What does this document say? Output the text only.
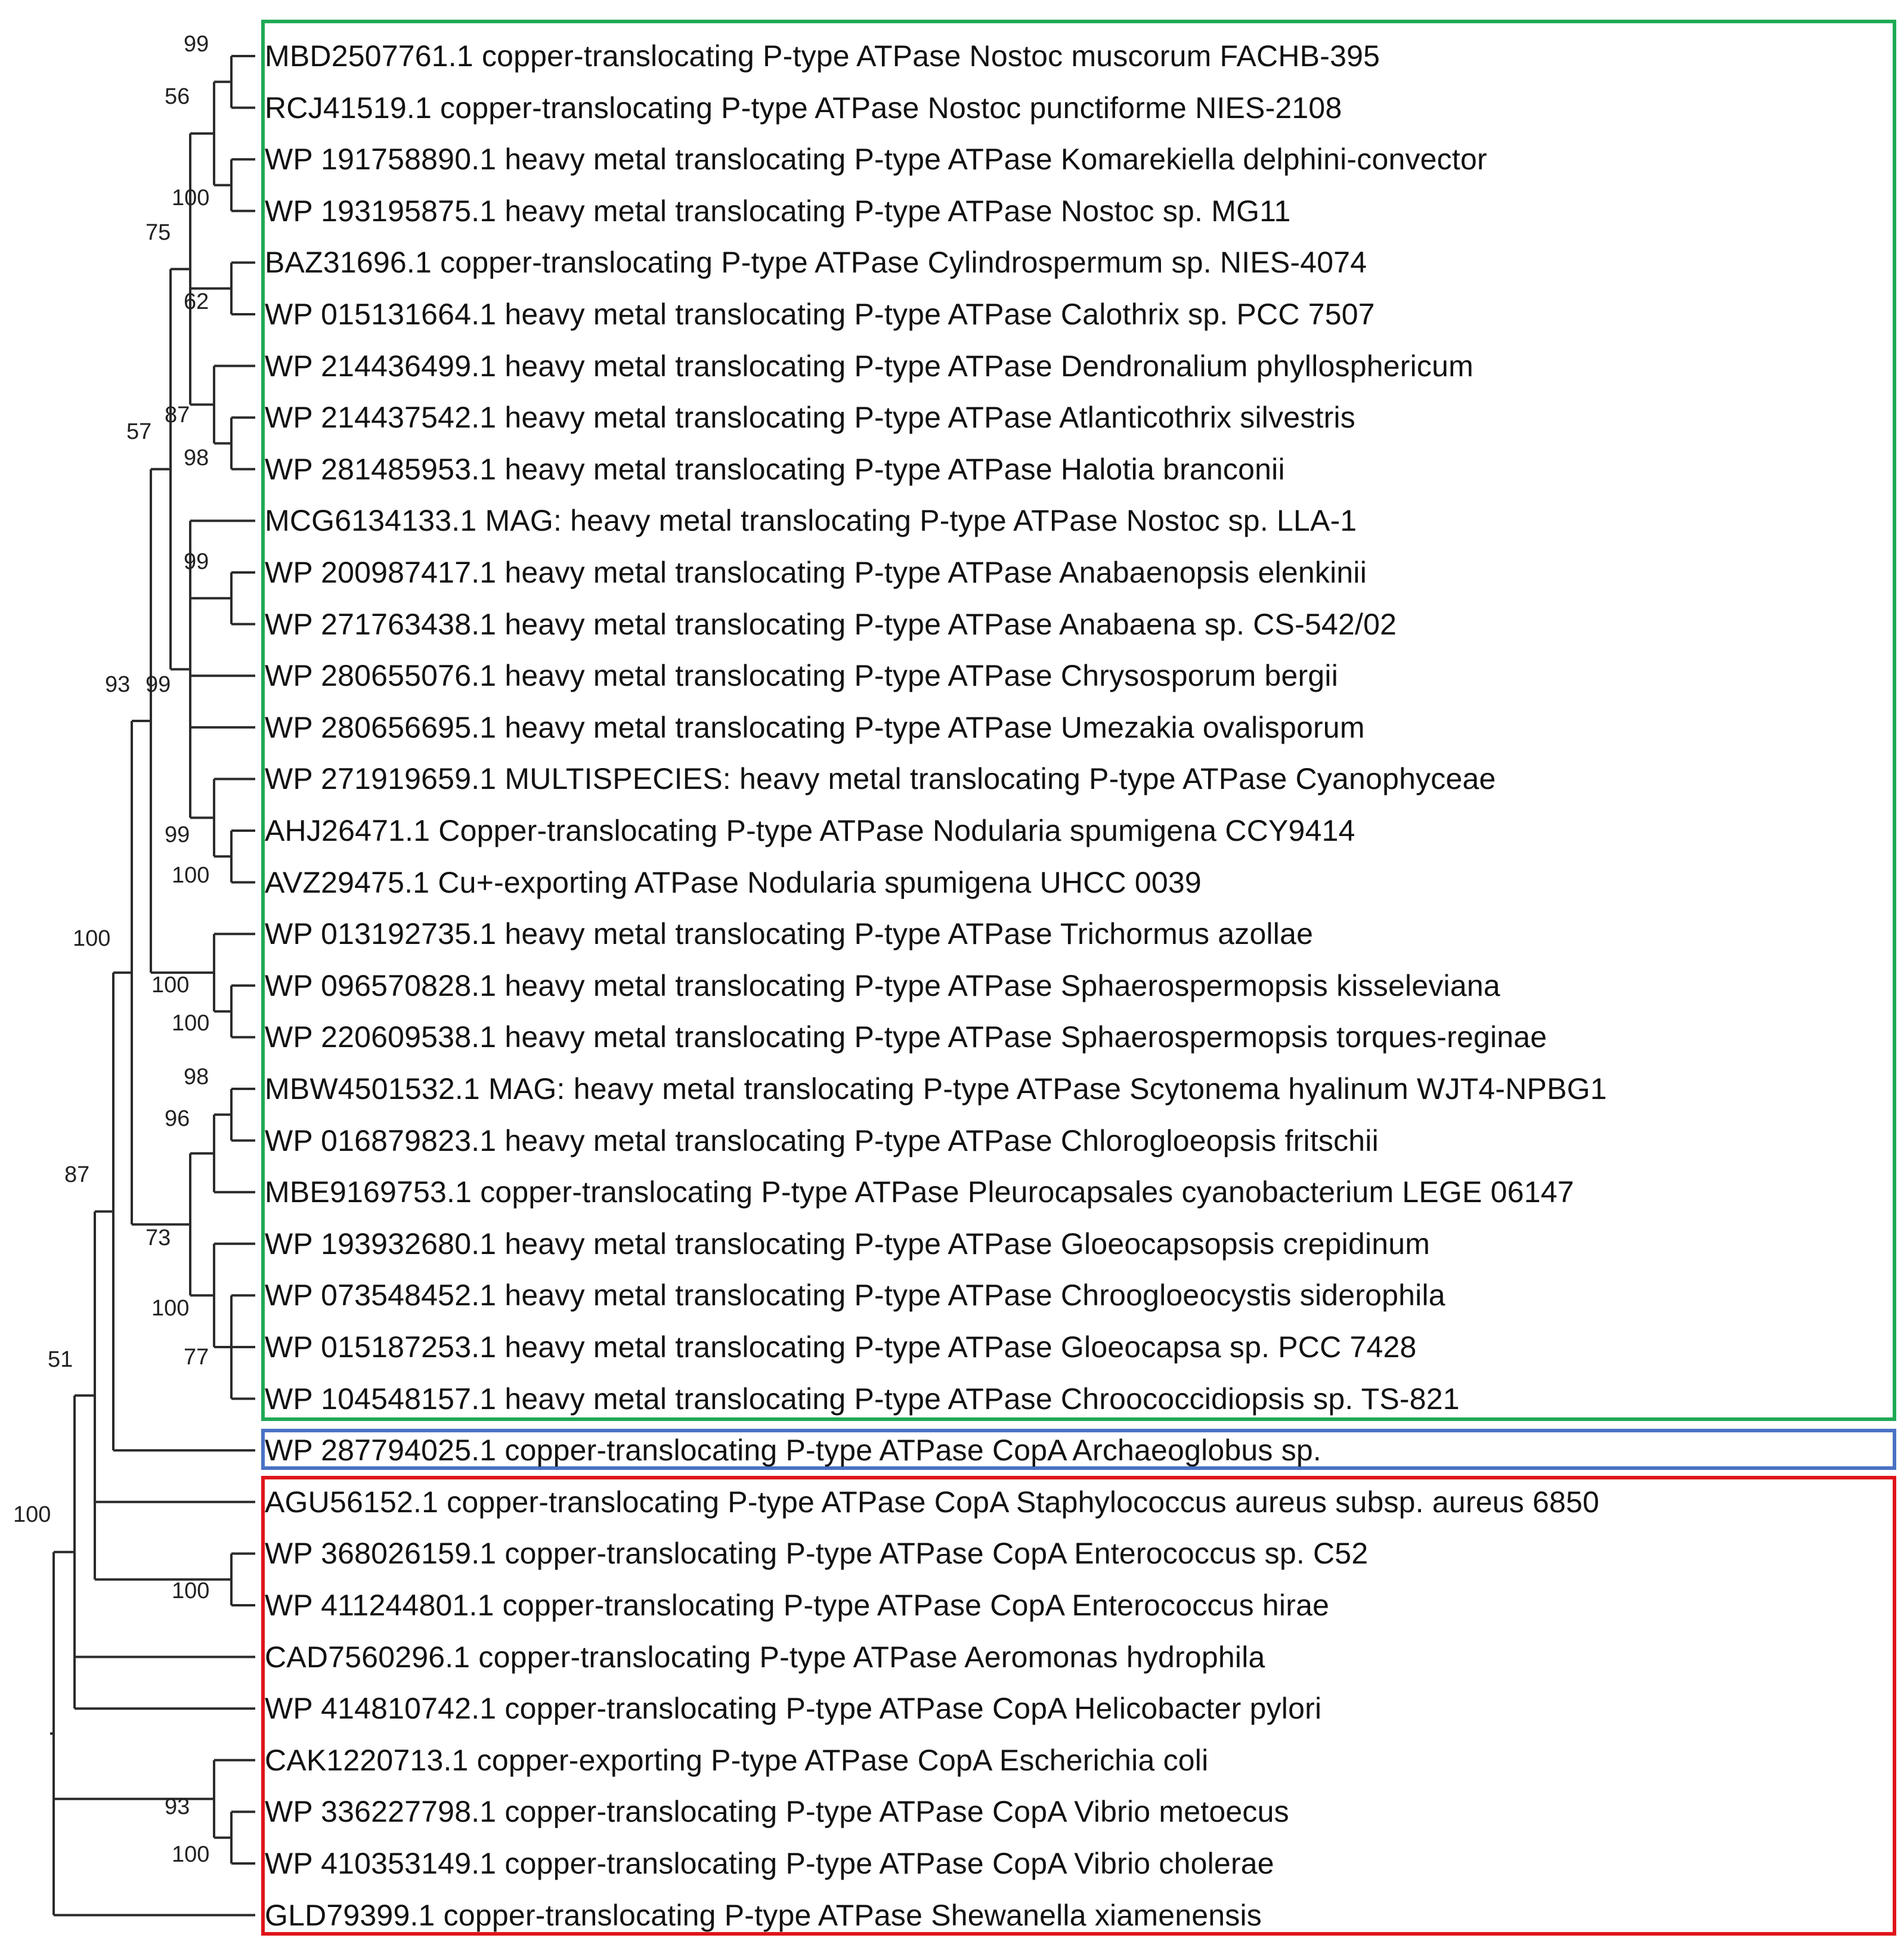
MBD2507761.1 copper-translocating P-type ATPase Nostoc muscorum FACHB-395
RCJ41519.1 copper-translocating P-type ATPase Nostoc punctiforme NIES-2108
WP 191758890.1 heavy metal translocating P-type ATPase Komarekiella delphini-convector
WP 193195875.1 heavy metal translocating P-type ATPase Nostoc sp. MG11
BAZ31696.1 copper-translocating P-type ATPase Cylindrospermum sp. NIES-4074
WP 015131664.1 heavy metal translocating P-type ATPase Calothrix sp. PCC 7507
WP 214436499.1 heavy metal translocating P-type ATPase Dendronalium phyllosphericum
WP 214437542.1 heavy metal translocating P-type ATPase Atlanticothrix silvestris
WP 281485953.1 heavy metal translocating P-type ATPase Halotia branconii
MCG6134133.1 MAG: heavy metal translocating P-type ATPase Nostoc sp. LLA-1
WP 200987417.1 heavy metal translocating P-type ATPase Anabaenopsis elenkinii
WP 271763438.1 heavy metal translocating P-type ATPase Anabaena sp. CS-542/02
WP 280655076.1 heavy metal translocating P-type ATPase Chrysosporum bergii
WP 280656695.1 heavy metal translocating P-type ATPase Umezakia ovalisporum
WP 271919659.1 MULTISPECIES: heavy metal translocating P-type ATPase Cyanophyceae
AHJ26471.1 Copper-translocating P-type ATPase Nodularia spumigena CCY9414
AVZ29475.1 Cu+-exporting ATPase Nodularia spumigena UHCC 0039
WP 013192735.1 heavy metal translocating P-type ATPase Trichormus azollae
WP 096570828.1 heavy metal translocating P-type ATPase Sphaerospermopsis kisseleviana
WP 220609538.1 heavy metal translocating P-type ATPase Sphaerospermopsis torques-reginae
MBW4501532.1 MAG: heavy metal translocating P-type ATPase Scytonema hyalinum WJT4-NPBG1
WP 016879823.1 heavy metal translocating P-type ATPase Chlorogloeopsis fritschii
MBE9169753.1 copper-translocating P-type ATPase Pleurocapsales cyanobacterium LEGE 06147
WP 193932680.1 heavy metal translocating P-type ATPase Gloeocapsopsis crepidinum
WP 073548452.1 heavy metal translocating P-type ATPase Chroogloeocystis siderophila
WP 015187253.1 heavy metal translocating P-type ATPase Gloeocapsa sp. PCC 7428
WP 104548157.1 heavy metal translocating P-type ATPase Chroococcidiopsis sp. TS-821
WP 287794025.1 copper-translocating P-type ATPase CopA Archaeoglobus sp.
AGU56152.1 copper-translocating P-type ATPase CopA Staphylococcus aureus subsp. aureus 6850
WP 368026159.1 copper-translocating P-type ATPase CopA Enterococcus sp. C52
WP 411244801.1 copper-translocating P-type ATPase CopA Enterococcus hirae
CAD7560296.1 copper-translocating P-type ATPase Aeromonas hydrophila
WP 414810742.1 copper-translocating P-type ATPase CopA Helicobacter pylori
CAK1220713.1 copper-exporting P-type ATPase CopA Escherichia coli
WP 336227798.1 copper-translocating P-type ATPase CopA Vibrio metoecus
WP 410353149.1 copper-translocating P-type ATPase CopA Vibrio cholerae
GLD79399.1 copper-translocating P-type ATPase Shewanella xiamenensis
99
56
100
75
62
87
57
98
99
93 99
99
100
100
100
100
98
96
87
73
100
77
51
100
100
93
100
